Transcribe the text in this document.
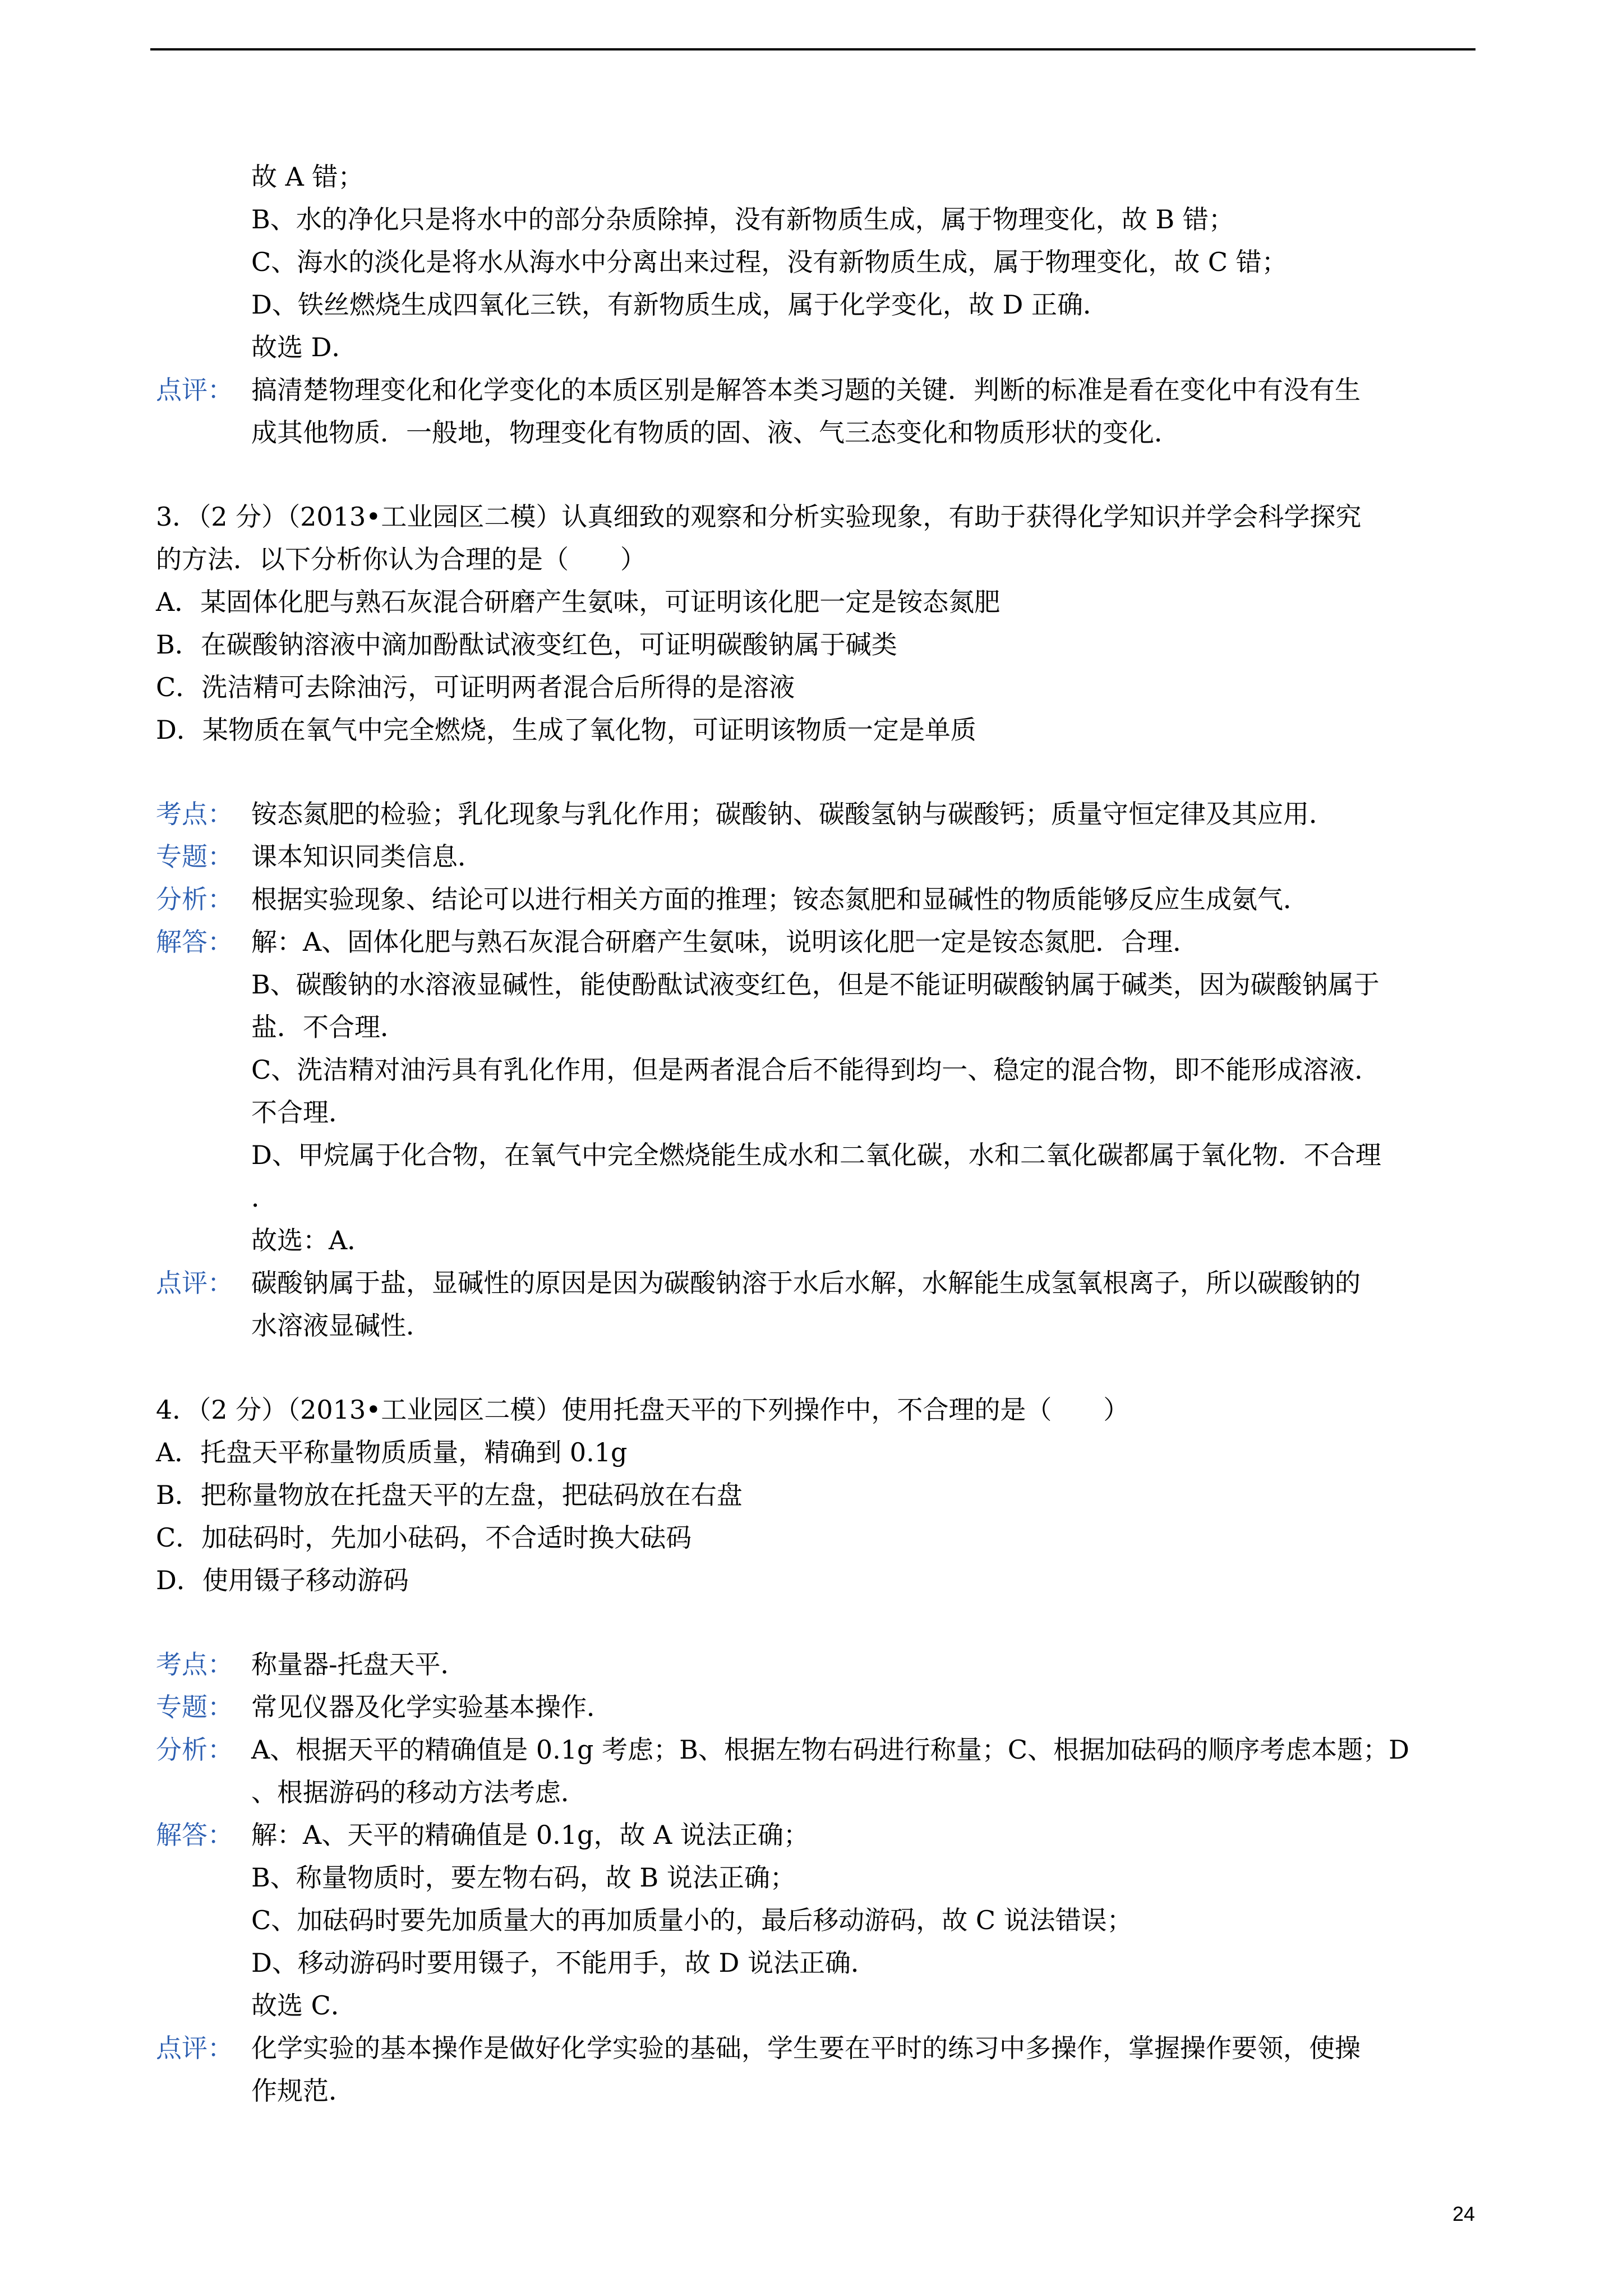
故 A 错；
B、水的净化只是将水中的部分杂质除掉，没有新物质生成，属于物理变化，故 B 错；
C、海水的淡化是将水从海水中分离出来过程，没有新物质生成，属于物理变化，故 C 错；
D、铁丝燃烧生成四氧化三铁，有新物质生成，属于化学变化，故 D 正确．
故选 D．
点评： 搞清楚物理变化和化学变化的本质区别是解答本类习题的关键．判断的标准是看在变化中有没有生
成其他物质．一般地，物理变化有物质的固、液、气三态变化和物质形状的变化．
3．（2 分）（2013•工业园区二模）认真细致的观察和分析实验现象，有助于获得化学知识并学会科学探究
的方法．以下分析你认为合理的是（　　）
A．某固体化肥与熟石灰混合研磨产生氨味，可证明该化肥一定是铵态氮肥
B．在碳酸钠溶液中滴加酚酞试液变红色，可证明碳酸钠属于碱类
C．洗洁精可去除油污，可证明两者混合后所得的是溶液
D．某物质在氧气中完全燃烧，生成了氧化物，可证明该物质一定是单质
考点： 铵态氮肥的检验；乳化现象与乳化作用；碳酸钠、碳酸氢钠与碳酸钙；质量守恒定律及其应用．
专题： 课本知识同类信息．
分析： 根据实验现象、结论可以进行相关方面的推理；铵态氮肥和显碱性的物质能够反应生成氨气．
解答： 解：A、固体化肥与熟石灰混合研磨产生氨味，说明该化肥一定是铵态氮肥．合理．
B、碳酸钠的水溶液显碱性，能使酚酞试液变红色，但是不能证明碳酸钠属于碱类，因为碳酸钠属于
盐．不合理．
C、洗洁精对油污具有乳化作用，但是两者混合后不能得到均一、稳定的混合物，即不能形成溶液．
不合理．
D、甲烷属于化合物，在氧气中完全燃烧能生成水和二氧化碳，水和二氧化碳都属于氧化物．不合理
．
故选：A．
点评： 碳酸钠属于盐，显碱性的原因是因为碳酸钠溶于水后水解，水解能生成氢氧根离子，所以碳酸钠的
水溶液显碱性．
4．（2 分）（2013•工业园区二模）使用托盘天平的下列操作中，不合理的是（　　）
A．托盘天平称量物质质量，精确到 0.1g
B．把称量物放在托盘天平的左盘，把砝码放在右盘
C．加砝码时，先加小砝码，不合适时换大砝码
D．使用镊子移动游码
考点： 称量器-托盘天平．
专题： 常见仪器及化学实验基本操作．
分析： A、根据天平的精确值是 0.1g 考虑；B、根据左物右码进行称量；C、根据加砝码的顺序考虑本题；D
、根据游码的移动方法考虑．
解答： 解：A、天平的精确值是 0.1g，故 A 说法正确；
B、称量物质时，要左物右码，故 B 说法正确；
C、加砝码时要先加质量大的再加质量小的，最后移动游码，故 C 说法错误；
D、移动游码时要用镊子，不能用手，故 D 说法正确．
故选 C．
点评： 化学实验的基本操作是做好化学实验的基础，学生要在平时的练习中多操作，掌握操作要领，使操
作规范．
24
